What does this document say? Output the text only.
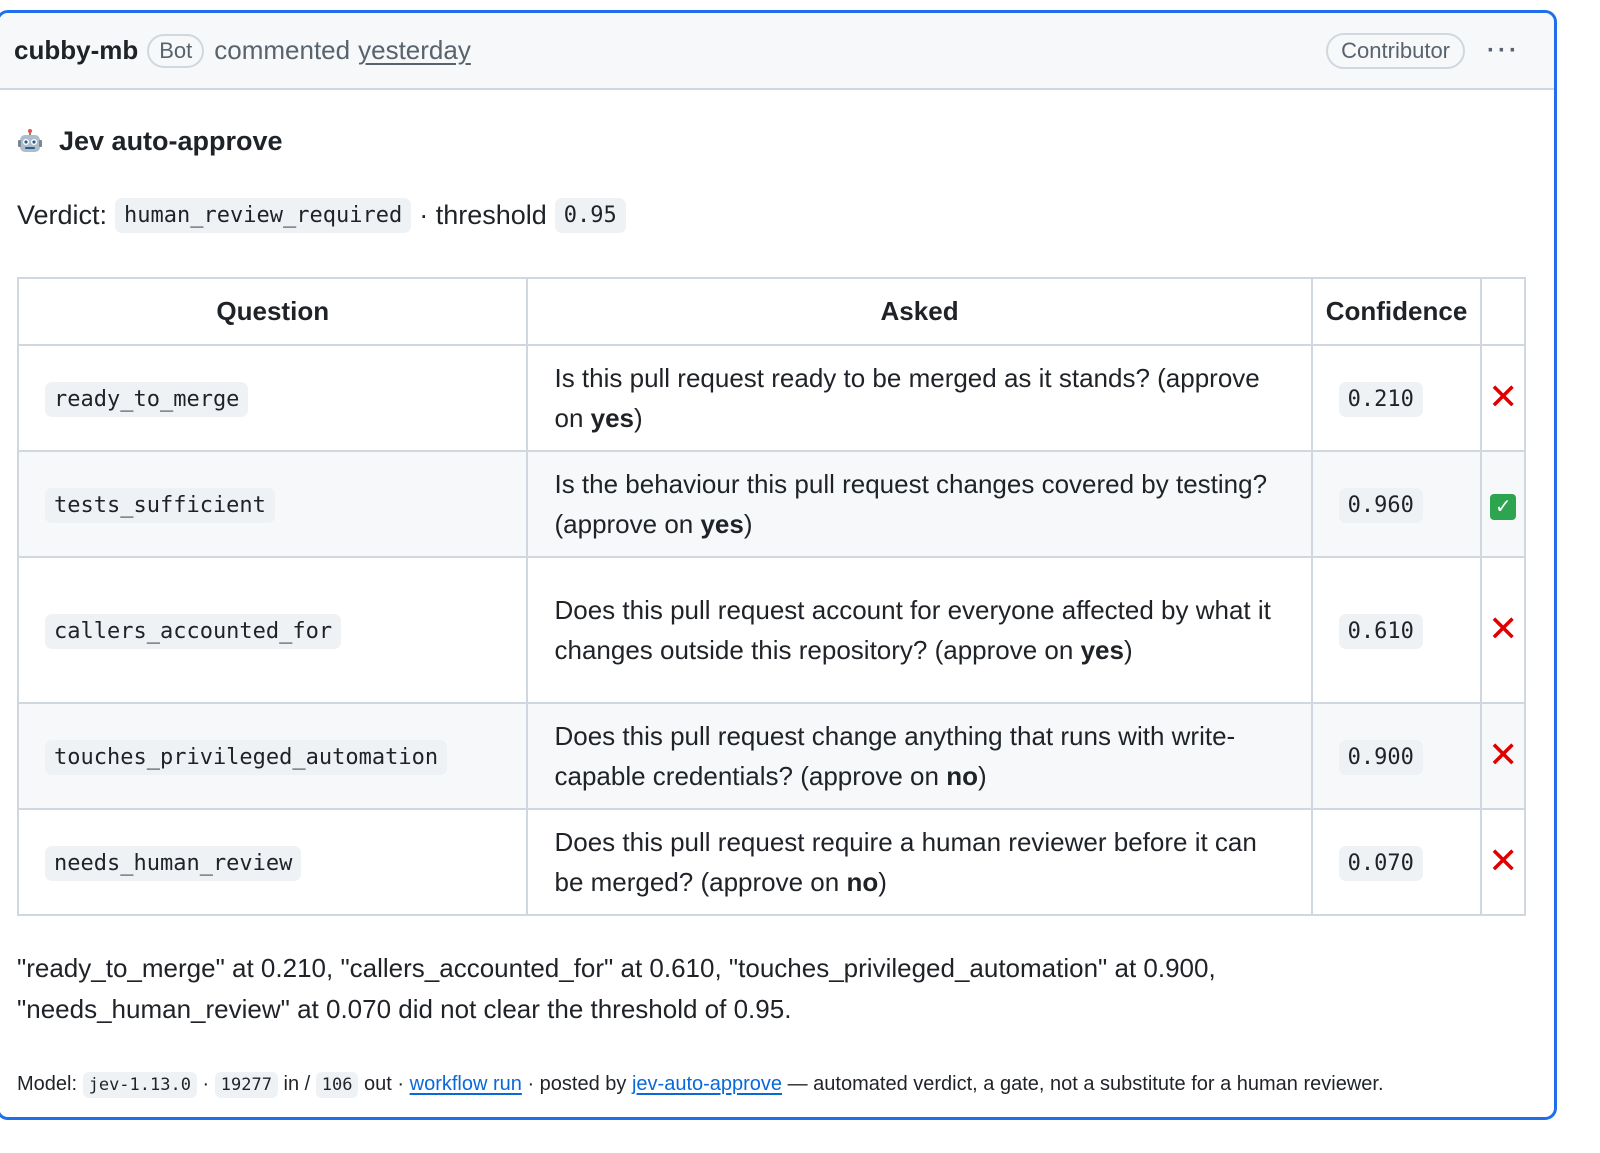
cubby-mb Bot commented yesterday	Contributor	···
Jev auto-approve
Verdict: human_review_required · threshold 0.95
Question	Asked	Confidence	
ready_to_merge	Is this pull request ready to be merged as it stands? (approve on yes)	0.210	✕
tests_sufficient	Is the behaviour this pull request changes covered by testing? (approve on yes)	0.960	✓
callers_accounted_for	Does this pull request account for everyone affected by what it changes outside this repository? (approve on yes)	0.610	✕
touches_privileged_automation	Does this pull request change anything that runs with write-capable credentials? (approve on no)	0.900	✕
needs_human_review	Does this pull request require a human reviewer before it can be merged? (approve on no)	0.070	✕
"ready_to_merge" at 0.210, "callers_accounted_for" at 0.610, "touches_privileged_automation" at 0.900, "needs_human_review" at 0.070 did not clear the threshold of 0.95.
Model: jev-1.13.0 · 19277 in / 106 out · workflow run · posted by jev-auto-approve — automated verdict, a gate, not a substitute for a human reviewer.
